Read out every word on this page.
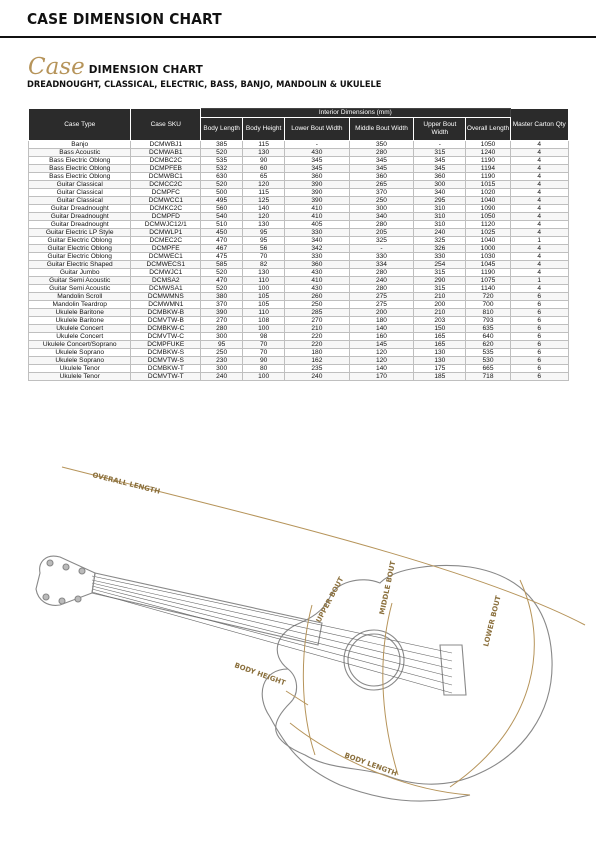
CASE DIMENSION CHART
Case DIMENSION CHART
DREADNOUGHT, CLASSICAL, ELECTRIC, BASS, BANJO, MANDOLIN & UKULELE
Case Type	Case SKU	Interior Dimensions (mm)						Master Carton Qty
		Body Length	Body Height	Lower Bout Width	Middle Bout Width	Upper Bout Width	Overall Length	
Banjo	DCMWBJ1	385	115	-	350	-	1050	4
Bass Acoustic	DCMWAB1	520	130	430	280	315	1240	4
Bass Electric Oblong	DCMBC2C	535	90	345	345	345	1190	4
Bass Electric Oblong	DCMPFEB	532	60	345	345	345	1194	4
Bass Electric Oblong	DCMWBC1	630	65	360	360	360	1190	4
Guitar Classical	DCMCC2C	520	120	390	265	300	1015	4
Guitar Classical	DCMPFC	500	115	390	370	340	1020	4
Guitar Classical	DCMWCC1	495	125	390	250	295	1040	4
Guitar Dreadnought	DCMKC2C	560	140	410	300	310	1090	4
Guitar Dreadnought	DCMPFD	540	120	410	340	310	1050	4
Guitar Dreadnought	DCMWJC12/1	510	130	405	280	310	1120	4
Guitar Electric LP Style	DCMWLP1	450	95	330	205	240	1025	4
Guitar Electric Oblong	DCMEC2C	470	95	340	325	325	1040	1
Guitar Electric Oblong	DCMPFE	467	56	342	-	326	1000	4
Guitar Electric Oblong	DCMWEC1	475	70	330	330	330	1030	4
Guitar Electric Shaped	DCMWECS1	585	82	360	334	254	1045	4
Guitar Jumbo	DCMWJC1	520	130	430	280	315	1190	4
Guitar Semi Acoustic	DCMSA2	470	110	410	240	290	1075	1
Guitar Semi Acoustic	DCMWSA1	520	100	430	280	315	1140	4
Mandolin Scroll	DCMWMNS	380	105	260	275	210	720	6
Mandolin Teardrop	DCMWMN1	370	105	250	275	200	700	6
Ukulele Baritone	DCMBKW-B	390	110	285	200	210	810	6
Ukulele Baritone	DCMVTW-B	270	108	270	180	203	793	6
Ukulele Concert	DCMBKW-C	280	100	210	140	150	635	6
Ukulele Concert	DCMVTW-C	300	98	220	160	165	640	6
Ukulele Concert/Soprano	DCMPFUKE	95	70	220	145	165	620	6
Ukulele Soprano	DCMBKW-S	250	70	180	120	130	535	6
Ukulele Soprano	DCMVTW-S	230	90	162	120	130	530	6
Ukulele Tenor	DCMBKW-T	300	80	235	140	175	665	6
Ukulele Tenor	DCMVTW-T	240	100	240	170	185	718	6
OVERALL LENGTH
UPPER BOUT	MIDDLE BOUT
LOWER BOUT
BODY HEIGHT
BODY LENGTH
